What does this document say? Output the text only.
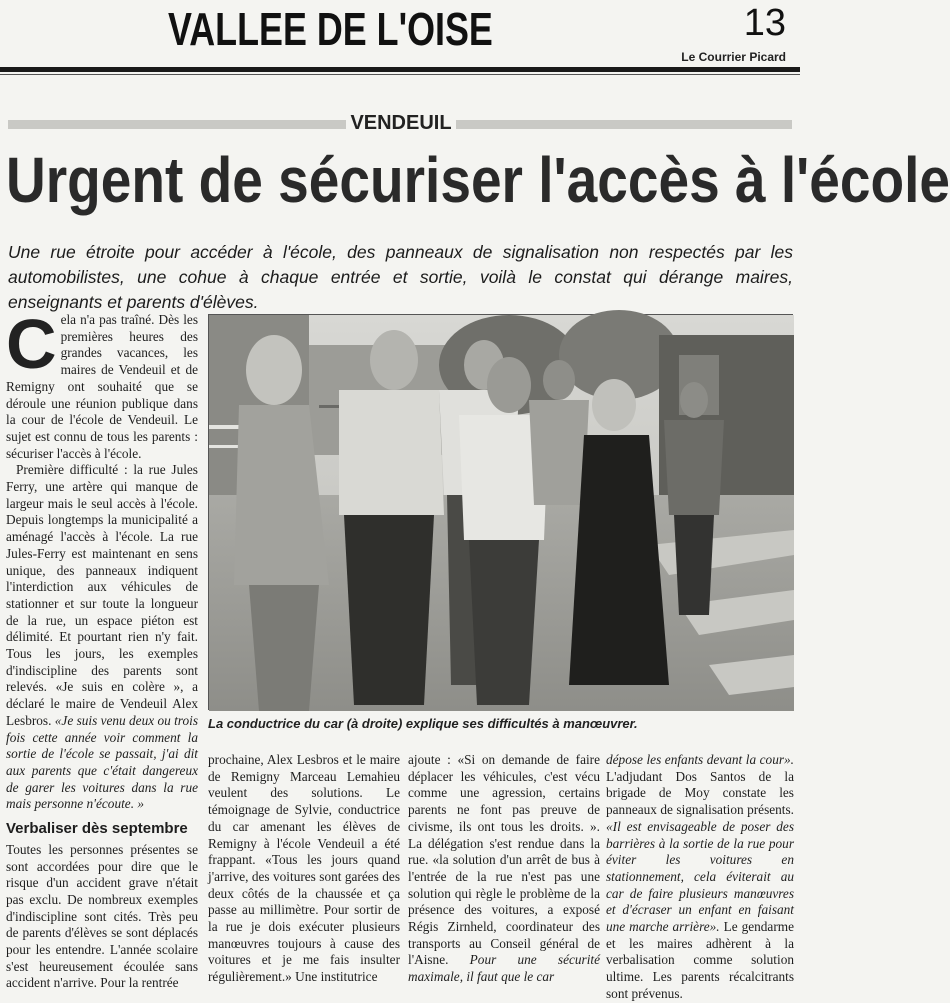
VALLEE DE L'OISE	13
Le Courrier Picard
VENDEUIL
Urgent de sécuriser l'accès à l'école

Une rue étroite pour accéder à l'école, des panneaux de signalisation non respectés par les automobilistes, une cohue à chaque entrée et sortie, voilà le constat qui dérange maires, enseignants et parents d'élèves.

C ela n'a pas traîné. Dès les premières heures des grandes vacances, les maires de Vendeuil et de Remigny ont souhaité que se déroule une réunion publique dans la cour de l'école de Vendeuil. Le sujet est connu de tous les parents : sécuriser l'accès à l'école.

Première difficulté : la rue Jules Ferry, une artère qui manque de largeur mais le seul accès à l'école. Depuis longtemps la municipalité a aménagé l'accès à l'école. La rue Jules-Ferry est maintenant en sens unique, des panneaux indiquent l'interdiction aux véhicules de stationner et sur toute la longueur de la rue, un espace piéton est délimité. Et pourtant rien n'y fait. Tous les jours, les exemples d'indiscipline des parents sont relevés. «Je suis en colère », a déclaré le maire de Vendeuil Alex Lesbros. «Je suis venu deux ou trois fois cette année voir comment la sortie de l'école se passait, j'ai dit aux parents que c'était dangereux de garer les voitures dans la rue mais personne n'écoute. »

Verbaliser dès septembre

Toutes les personnes présentes se sont accordées pour dire que le risque d'un accident grave n'était pas exclu. De nombreux exemples d'indiscipline sont cités. Très peu de parents d'élèves se sont déplacés pour les entendre. L'année scolaire s'est heureusement écoulée sans accident n'arrive. Pour la rentrée

La conductrice du car (à droite) explique ses difficultés à manœuvrer.

prochaine, Alex Lesbros et le maire de Remigny Marceau Lemahieu veulent des solutions. Le témoignage de Sylvie, conductrice du car amenant les élèves de Remigny à l'école Vendeuil a été frappant. «Tous les jours quand j'arrive, des voitures sont garées des deux côtés de la chaussée et ça passe au millimètre. Pour sortir de la rue je dois exécuter plusieurs manœuvres toujours à cause des voitures et je me fais insulter régulièrement.» Une institutrice

ajoute : «Si on demande de faire déplacer les véhicules, c'est vécu comme une agression, certains parents ne font pas preuve de civisme, ils ont tous les droits. ». La délégation s'est rendue dans la rue. «la solution d'un arrêt de bus à l'entrée de la rue n'est pas une solution qui règle le problème de la présence des voitures, a exposé Régis Zirnheld, coordinateur des transports au Conseil général de l'Aisne. Pour une sécurité maximale, il faut que le car

dépose les enfants devant la cour». L'adjudant Dos Santos de la brigade de Moy constate les panneaux de signalisation présents. «Il est envisageable de poser des barrières à la sortie de la rue pour éviter les voitures en stationnement, cela éviterait au car de faire plusieurs manœuvres et d'écraser un enfant en faisant une marche arrière». Le gendarme et les maires adhèrent à la verbalisation comme solution ultime. Les parents récalcitrants sont prévenus.
